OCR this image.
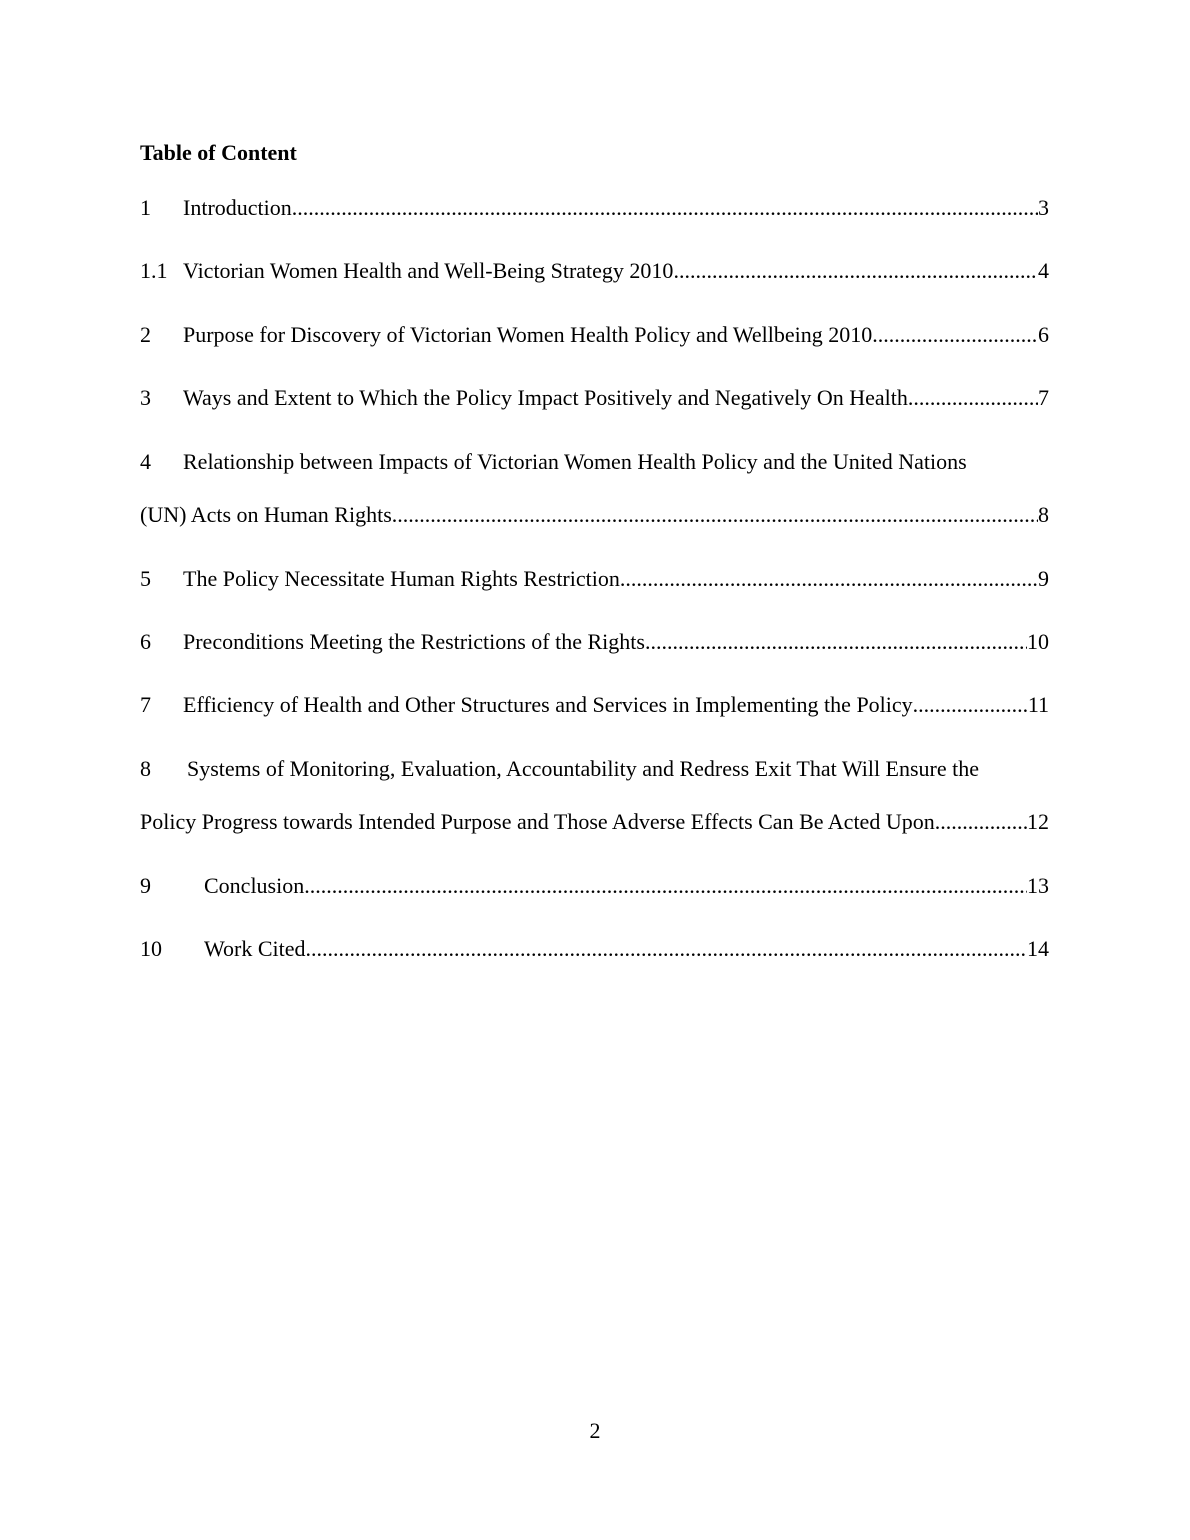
Table of Content
1	Introduction .....	3
1.1 Victorian Women Health and Well-Being Strategy 2010 .....	4
2	Purpose for Discovery of Victorian Women Health Policy and Wellbeing 2010 .....	6
3	Ways and Extent to Which the Policy Impact Positively and Negatively On Health .....	7
4 Relationship between Impacts of Victorian Women Health Policy and the United Nations
(UN) Acts on Human Rights .....	8
5	The Policy Necessitate Human Rights Restriction .....	9
6	Preconditions Meeting the Restrictions of the Rights .....	10
7	Efficiency of Health and Other Structures and Services in Implementing the Policy .....	11
8 Systems of Monitoring, Evaluation, Accountability and Redress Exit That Will Ensure the
Policy Progress towards Intended Purpose and Those Adverse Effects Can Be Acted Upon .....	12
9	Conclusion .....	13
10	Work Cited .....	14
2
